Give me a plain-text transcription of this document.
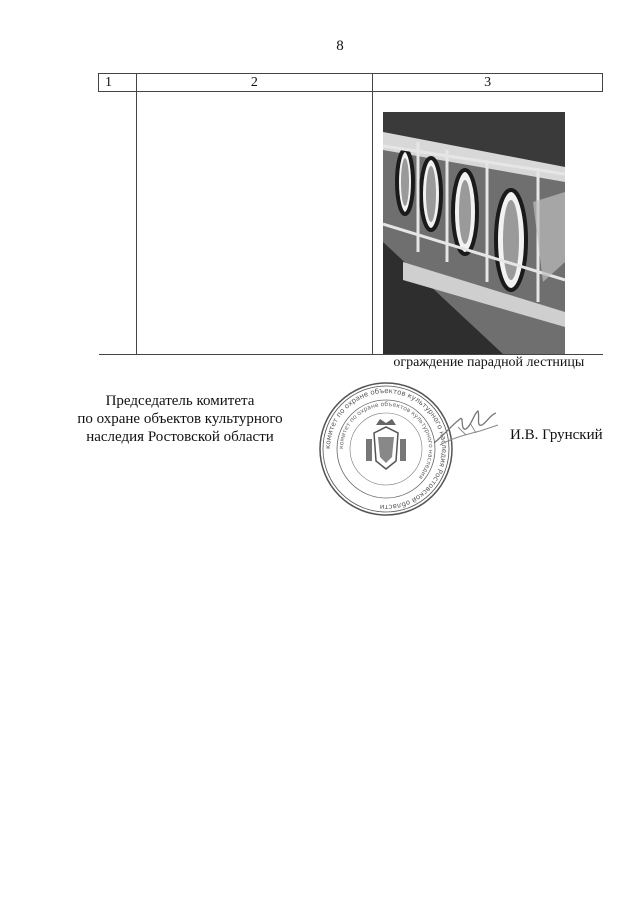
8
1	2	3

		ограждение парадной лестницы
Председатель комитета
по охране объектов культурного
наследия Ростовской области
комитет по охране объектов культурного наследия Ростовской области
комитет по охране объектов культурного наследия
И.В. Грунский
